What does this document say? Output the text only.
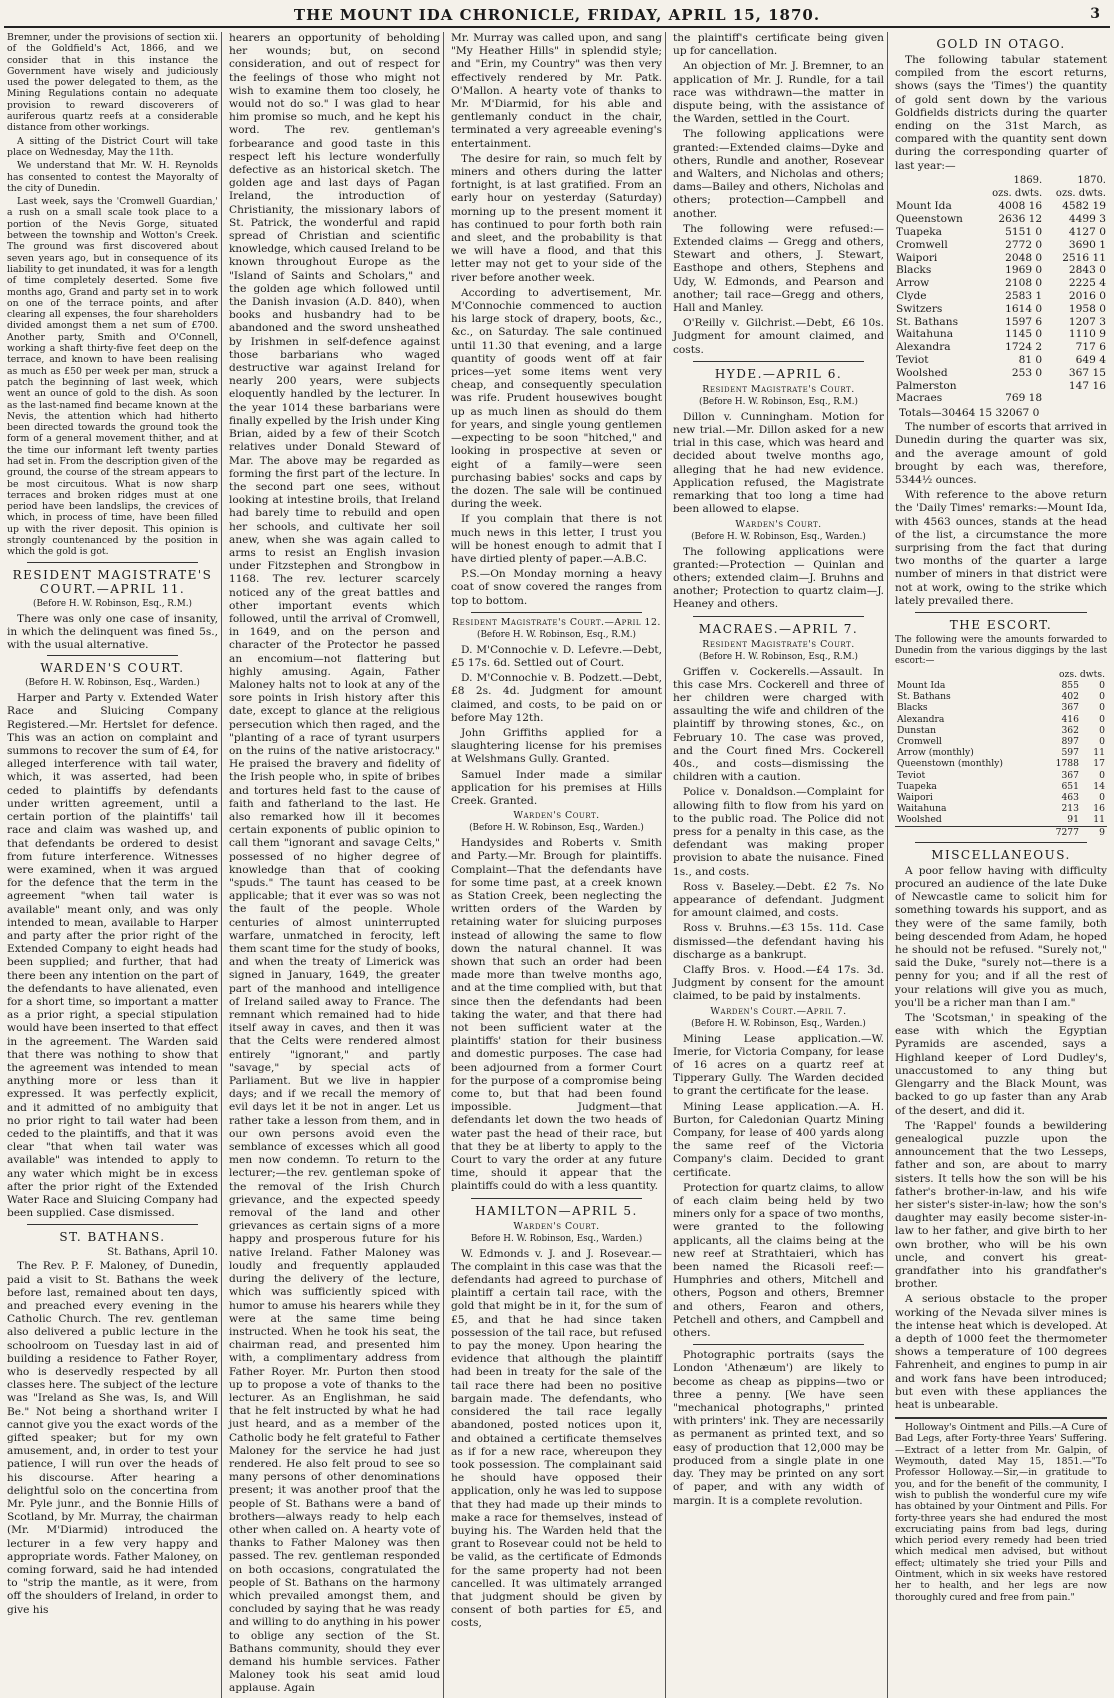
THE MOUNT IDA CHRONICLE, FRIDAY, APRIL 15, 1870.	3

Bremner, under the provisions of section xii. of the Goldfield's Act, 1866, and we consider that in this instance the Government have wisely and judiciously used the power delegated to them, as the Mining Regulations contain no adequate provision to reward discoverers of auriferous quartz reefs at a considerable distance from other workings.

A sitting of the District Court will take place on Wednesday, May the 11th.

We understand that Mr. W. H. Reynolds has consented to contest the Mayoralty of the city of Dunedin.

Last week, says the 'Cromwell Guardian,' a rush on a small scale took place to a portion of the Nevis Gorge, situated between the township and Wotton's Creek. The ground was first discovered about seven years ago, but in consequence of its liability to get inundated, it was for a length of time completely deserted. Some five months ago, Grand and party set in to work on one of the terrace points, and after clearing all expenses, the four shareholders divided amongst them a net sum of £700. Another party, Smith and O'Connell, working a shaft thirty-five feet deep on the terrace, and known to have been realising as much as £50 per week per man, struck a patch the beginning of last week, which went an ounce of gold to the dish. As soon as the last-named find became known at the Nevis, the attention which had hitherto been directed towards the ground took the form of a general movement thither, and at the time our informant left twenty parties had set in. From the description given of the ground, the course of the stream appears to be most circuitous. What is now sharp terraces and broken ridges must at one period have been landslips, the crevices of which, in process of time, have been filled up with the river deposit. This opinion is strongly countenanced by the position in which the gold is got.

RESIDENT MAGISTRATE'S COURT.—APRIL 11.
(Before H. W. Robinson, Esq., R.M.)

There was only one case of insanity, in which the delinquent was fined 5s., with the usual alternative.

WARDEN'S COURT.
(Before H. W. Robinson, Esq., Warden.)

Harper and Party v. Extended Water Race and Sluicing Company Registered.—Mr. Hertslet for defence. This was an action on complaint and summons to recover the sum of £4, for alleged interference with tail water, which, it was asserted, had been ceded to plaintiffs by defendants under written agreement, until a certain portion of the plaintiffs' tail race and claim was washed up, and that defendants be ordered to desist from future interference. Witnesses were examined, when it was argued for the defence that the term in the agreement "when tail water is available" meant only, and was only intended to mean, available to Harper and party after the prior right of the Extended Company to eight heads had been supplied; and further, that had there been any intention on the part of the defendants to have alienated, even for a short time, so important a matter as a prior right, a special stipulation would have been inserted to that effect in the agreement. The Warden said that there was nothing to show that the agreement was intended to mean anything more or less than it expressed. It was perfectly explicit, and it admitted of no ambiguity that no prior right to tail water had been ceded to the plaintiffs, and that it was clear "that when tail water was available" was intended to apply to any water which might be in excess after the prior right of the Extended Water Race and Sluicing Company had been supplied. Case dismissed.

ST. BATHANS.
St. Bathans, April 10.

The Rev. P. F. Maloney, of Dunedin, paid a visit to St. Bathans the week before last, remained about ten days, and preached every evening in the Catholic Church. The rev. gentleman also delivered a public lecture in the schoolroom on Tuesday last in aid of building a residence to Father Royer, who is deservedly respected by all classes here. The subject of the lecture was "Ireland as She was, Is, and Will Be." Not being a shorthand writer I cannot give you the exact words of the gifted speaker; but for my own amusement, and, in order to test your patience, I will run over the heads of his discourse. After hearing a delightful solo on the concertina from Mr. Pyle junr., and the Bonnie Hills of Scotland, by Mr. Murray, the chairman (Mr. M'Diarmid) introduced the lecturer in a few very happy and appropriate words. Father Maloney, on coming forward, said he had intended to "strip the mantle, as it were, from off the shoulders of Ireland, in order to give his

hearers an opportunity of beholding her wounds; but, on second consideration, and out of respect for the feelings of those who might not wish to examine them too closely, he would not do so." I was glad to hear him promise so much, and he kept his word. The rev. gentleman's forbearance and good taste in this respect left his lecture wonderfully defective as an historical sketch. The golden age and last days of Pagan Ireland, the introduction of Christianity, the missionary labors of St. Patrick, the wonderful and rapid spread of Christian and scientific knowledge, which caused Ireland to be known throughout Europe as the "Island of Saints and Scholars," and the golden age which followed until the Danish invasion (A.D. 840), when books and husbandry had to be abandoned and the sword unsheathed by Irishmen in self-defence against those barbarians who waged destructive war against Ireland for nearly 200 years, were subjects eloquently handled by the lecturer. In the year 1014 these barbarians were finally expelled by the Irish under King Brian, aided by a few of their Scotch relatives under Donald Steward of Mar. The above may be regarded as forming the first part of the lecture. In the second part one sees, without looking at intestine broils, that Ireland had barely time to rebuild and open her schools, and cultivate her soil anew, when she was again called to arms to resist an English invasion under Fitzstephen and Strongbow in 1168. The rev. lecturer scarcely noticed any of the great battles and other important events which followed, until the arrival of Cromwell, in 1649, and on the person and character of the Protector he passed an encomium—not flattering but highly amusing. Again, Father Maloney halts not to look at any of the sore points in Irish history after this date, except to glance at the religious persecution which then raged, and the "planting of a race of tyrant usurpers on the ruins of the native aristocracy." He praised the bravery and fidelity of the Irish people who, in spite of bribes and tortures held fast to the cause of faith and fatherland to the last. He also remarked how ill it becomes certain exponents of public opinion to call them "ignorant and savage Celts," possessed of no higher degree of knowledge than that of cooking "spuds." The taunt has ceased to be applicable; that it ever was so was not the fault of the people. Whole centuries of almost uninterrupted warfare, unmatched in ferocity, left them scant time for the study of books, and when the treaty of Limerick was signed in January, 1649, the greater part of the manhood and intelligence of Ireland sailed away to France. The remnant which remained had to hide itself away in caves, and then it was that the Celts were rendered almost entirely "ignorant," and partly "savage," by special acts of Parliament. But we live in happier days; and if we recall the memory of evil days let it be not in anger. Let us rather take a lesson from them, and in our own persons avoid even the semblance of excesses which all good men now condemn. To return to the lecturer;—the rev. gentleman spoke of the removal of the Irish Church grievance, and the expected speedy removal of the land and other grievances as certain signs of a more happy and prosperous future for his native Ireland. Father Maloney was loudly and frequently applauded during the delivery of the lecture, which was sufficiently spiced with humor to amuse his hearers while they were at the same time being instructed. When he took his seat, the chairman read, and presented him with, a complimentary address from Father Royer. Mr. Purton then stood up to propose a vote of thanks to the lecturer. As an Englishman, he said that he felt instructed by what he had just heard, and as a member of the Catholic body he felt grateful to Father Maloney for the service he had just rendered. He also felt proud to see so many persons of other denominations present; it was another proof that the people of St. Bathans were a band of brothers—always ready to help each other when called on. A hearty vote of thanks to Father Maloney was then passed. The rev. gentleman responded on both occasions, congratulated the people of St. Bathans on the harmony which prevailed amongst them, and concluded by saying that he was ready and willing to do anything in his power to oblige any section of the St. Bathans community, should they ever demand his humble services. Father Maloney took his seat amid loud applause. Again

Mr. Murray was called upon, and sang "My Heather Hills" in splendid style; and "Erin, my Country" was then very effectively rendered by Mr. Patk. O'Mallon. A hearty vote of thanks to Mr. M'Diarmid, for his able and gentlemanly conduct in the chair, terminated a very agreeable evening's entertainment.

The desire for rain, so much felt by miners and others during the latter fortnight, is at last gratified. From an early hour on yesterday (Saturday) morning up to the present moment it has continued to pour forth both rain and sleet, and the probability is that we will have a flood, and that this letter may not get to your side of the river before another week.

According to advertisement, Mr. M'Connochie commenced to auction his large stock of drapery, boots, &c., &c., on Saturday. The sale continued until 11.30 that evening, and a large quantity of goods went off at fair prices—yet some items went very cheap, and consequently speculation was rife. Prudent housewives bought up as much linen as should do them for years, and single young gentlemen—expecting to be soon "hitched," and looking in prospective at seven or eight of a family—were seen purchasing babies' socks and caps by the dozen. The sale will be continued during the week.

If you complain that there is not much news in this letter, I trust you will be honest enough to admit that I have dirtied plenty of paper.—A.B.C.

P.S.—On Monday morning a heavy coat of snow covered the ranges from top to bottom.

Resident Magistrate's Court.—April 12.
(Before H. W. Robinson, Esq., R.M.)

D. M'Connochie v. D. Lefevre.—Debt, £5 17s. 6d. Settled out of Court.

D. M'Connochie v. B. Podzett.—Debt, £8 2s. 4d. Judgment for amount claimed, and costs, to be paid on or before May 12th.

John Griffiths applied for a slaughtering license for his premises at Welshmans Gully. Granted.

Samuel Inder made a similar application for his premises at Hills Creek. Granted.

Warden's Court.
(Before H. W. Robinson, Esq., Warden.)

Handysides and Roberts v. Smith and Party.—Mr. Brough for plaintiffs. Complaint—That the defendants have for some time past, at a creek known as Station Creek, been neglecting the written orders of the Warden by retaining water for sluicing purposes instead of allowing the same to flow down the natural channel. It was shown that such an order had been made more than twelve months ago, and at the time complied with, but that since then the defendants had been taking the water, and that there had not been sufficient water at the plaintiffs' station for their business and domestic purposes. The case had been adjourned from a former Court for the purpose of a compromise being come to, but that had been found impossible. Judgment—that defendants let down the two heads of water past the head of their race, but that they be at liberty to apply to the Court to vary the order at any future time, should it appear that the plaintiffs could do with a less quantity.

HAMILTON—APRIL 5.
Warden's Court.
Before H. W. Robinson, Esq., Warden.)

W. Edmonds v. J. and J. Rosevear.—The complaint in this case was that the defendants had agreed to purchase of plaintiff a certain tail race, with the gold that might be in it, for the sum of £5, and that he had since taken possession of the tail race, but refused to pay the money. Upon hearing the evidence that although the plaintiff had been in treaty for the sale of the tail race there had been no positive bargain made. The defendants, who considered the tail race legally abandoned, posted notices upon it, and obtained a certificate themselves as if for a new race, whereupon they took possession. The complainant said he should have opposed their application, only he was led to suppose that they had made up their minds to make a race for themselves, instead of buying his. The Warden held that the grant to Rosevear could not be held to be valid, as the certificate of Edmonds for the same property had not been cancelled. It was ultimately arranged that judgment should be given by consent of both parties for £5, and costs,

the plaintiff's certificate being given up for cancellation.

An objection of Mr. J. Bremner, to an application of Mr. J. Rundle, for a tail race was withdrawn—the matter in dispute being, with the assistance of the Warden, settled in the Court.

The following applications were granted:—Extended claims—Dyke and others, Rundle and another, Rosevear and Walters, and Nicholas and others; dams—Bailey and others, Nicholas and others; protection—Campbell and another.

The following were refused:—Extended claims — Gregg and others, Stewart and others, J. Stewart, Easthope and others, Stephens and Udy, W. Edmonds, and Pearson and another; tail race—Gregg and others, Hall and Manley.

O'Reilly v. Gilchrist.—Debt, £6 10s. Judgment for amount claimed, and costs.

HYDE.—APRIL 6.
Resident Magistrate's Court.
(Before H. W. Robinson, Esq., R.M.)

Dillon v. Cunningham. Motion for new trial.—Mr. Dillon asked for a new trial in this case, which was heard and decided about twelve months ago, alleging that he had new evidence. Application refused, the Magistrate remarking that too long a time had been allowed to elapse.

Warden's Court.
(Before H. W. Robinson, Esq., Warden.)

The following applications were granted:—Protection — Quinlan and others; extended claim—J. Bruhns and another; Protection to quartz claim—J. Heaney and others.

MACRAES.—APRIL 7.
Resident Magistrate's Court.
(Before H. W. Robinson, Esq., R.M.)

Griffen v. Cockerells.—Assault. In this case Mrs. Cockerell and three of her children were charged with assaulting the wife and children of the plaintiff by throwing stones, &c., on February 10. The case was proved, and the Court fined Mrs. Cockerell 40s., and costs—dismissing the children with a caution.

Police v. Donaldson.—Complaint for allowing filth to flow from his yard on to the public road. The Police did not press for a penalty in this case, as the defendant was making proper provision to abate the nuisance. Fined 1s., and costs.

Ross v. Baseley.—Debt. £2 7s. No appearance of defendant. Judgment for amount claimed, and costs.

Ross v. Bruhns.—£3 15s. 11d. Case dismissed—the defendant having his discharge as a bankrupt.

Claffy Bros. v. Hood.—£4 17s. 3d. Judgment by consent for the amount claimed, to be paid by instalments.

Warden's Court.—April 7.
(Before H. W. Robinson, Esq., Warden.)

Mining Lease application.—W. Imerie, for Victoria Company, for lease of 16 acres on a quartz reef at Tipperary Gully. The Warden decided to grant the certificate for the lease.

Mining Lease application.—A. H. Burton, for Caledonian Quartz Mining Company, for lease of 400 yards along the same reef of the Victoria Company's claim. Decided to grant certificate.

Protection for quartz claims, to allow of each claim being held by two miners only for a space of two months, were granted to the following applicants, all the claims being at the new reef at Strathtaieri, which has been named the Ricasoli reef:—Humphries and others, Mitchell and others, Pogson and others, Bremner and others, Fearon and others, Petchell and others, and Campbell and others.

Photographic portraits (says the London 'Athenæum') are likely to become as cheap as pippins—two or three a penny. [We have seen "mechanical photographs," printed with printers' ink. They are necessarily as permanent as printed text, and so easy of production that 12,000 may be produced from a single plate in one day. They may be printed on any sort of paper, and with any width of margin. It is a complete revolution.

GOLD IN OTAGO.

The following tabular statement compiled from the escort returns, shows (says the 'Times') the quantity of gold sent down by the various Goldfields districts during the quarter ending on the 31st March, as compared with the quantity sent down during the corresponding quarter of last year:—

	1869.	1870.
	ozs. dwts.	ozs. dwts.
Mount Ida	4008 16	4582 19
Queenstown	2636 12	4499 3
Tuapeka	5151 0	4127 0
Cromwell	2772 0	3690 1
Waipori	2048 0	2516 11
Blacks	1969 0	2843 0
Arrow	2108 0	2225 4
Clyde	2583 1	2016 0
Switzers	1614 0	1958 0
St. Bathans	1597 6	1207 3
Waitahuna	1145 0	1110 9
Alexandra	1724 2	717 6
Teviot	81 0	649 4
Woolshed	253 0	367 15
Palmerston		147 16
Macraes	769 18	
Totals—30464 15 32067 0

The number of escorts that arrived in Dunedin during the quarter was six, and the average amount of gold brought by each was, therefore, 5344½ ounces.

With reference to the above return the 'Daily Times' remarks:—Mount Ida, with 4563 ounces, stands at the head of the list, a circumstance the more surprising from the fact that during two months of the quarter a large number of miners in that district were not at work, owing to the strike which lately prevailed there.

THE ESCORT.

The following were the amounts forwarded to Dunedin from the various diggings by the last escort:—

	ozs. dwts.	
Mount Ida	855	0
St. Bathans	402	0
Blacks	367	0
Alexandra	416	0
Dunstan	362	0
Cromwell	897	0
Arrow (monthly)	597	11
Queenstown (monthly)	1788	17
Teviot	367	0
Tuapeka	651	14
Waipori	463	0
Waitahuna	213	16
Woolshed	91	11
	7277	9
MISCELLANEOUS.

A poor fellow having with difficulty procured an audience of the late Duke of Newcastle came to solicit him for something towards his support, and as they were of the same family, both being descended from Adam, he hoped he should not be refused. "Surely not," said the Duke, "surely not—there is a penny for you; and if all the rest of your relations will give you as much, you'll be a richer man than I am."

The 'Scotsman,' in speaking of the ease with which the Egyptian Pyramids are ascended, says a Highland keeper of Lord Dudley's, unaccustomed to any thing but Glengarry and the Black Mount, was backed to go up faster than any Arab of the desert, and did it.

The 'Rappel' founds a bewildering genealogical puzzle upon the announcement that the two Lesseps, father and son, are about to marry sisters. It tells how the son will be his father's brother-in-law, and his wife her sister's sister-in-law; how the son's daughter may easily become sister-in-law to her father, and give birth to her own brother, who will be his own uncle, and convert his great-grandfather into his grandfather's brother.

A serious obstacle to the proper working of the Nevada silver mines is the intense heat which is developed. At a depth of 1000 feet the thermometer shows a temperature of 100 degrees Fahrenheit, and engines to pump in air and work fans have been introduced; but even with these appliances the heat is unbearable.

Holloway's Ointment and Pills.—A Cure of Bad Legs, after Forty-three Years' Suffering.—Extract of a letter from Mr. Galpin, of Weymouth, dated May 15, 1851.—"To Professor Holloway.—Sir,—in gratitude to you, and for the benefit of the community, I wish to publish the wonderful cure my wife has obtained by your Ointment and Pills. For forty-three years she had endured the most excruciating pains from bad legs, during which period every remedy had been tried which medical men advised, but without effect; ultimately she tried your Pills and Ointment, which in six weeks have restored her to health, and her legs are now thoroughly cured and free from pain."
